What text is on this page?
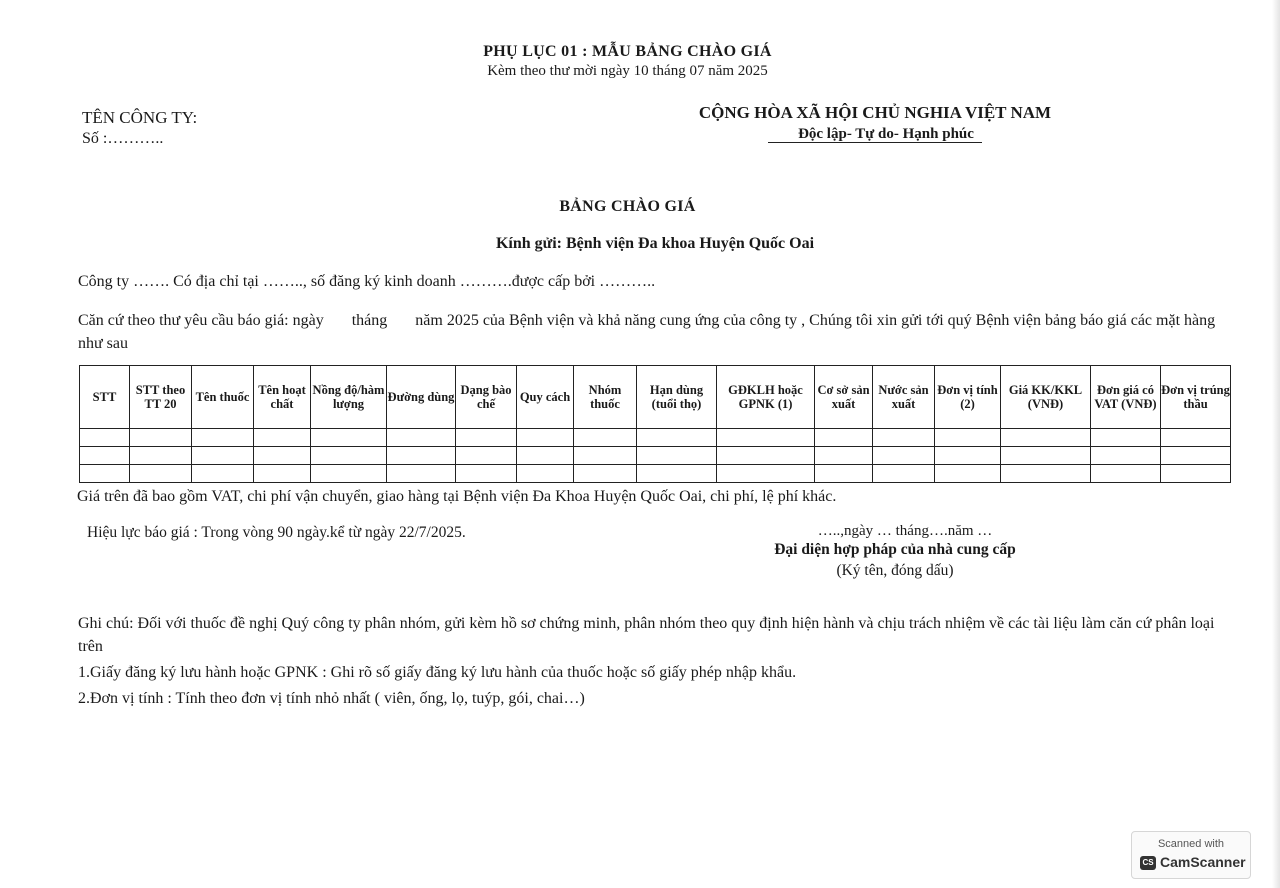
PHỤ LỤC 01 : MẪU BẢNG CHÀO GIÁ
Kèm theo thư mời ngày 10 tháng 07 năm 2025
TÊN CÔNG TY:
Số :………..
CỘNG HÒA XÃ HỘI CHỦ NGHIA VIỆT NAM
Độc lập- Tự do- Hạnh phúc
BẢNG CHÀO GIÁ
Kính gửi: Bệnh viện Đa khoa Huyện Quốc Oai
Công ty ……. Có địa chỉ tại …….., số đăng ký kinh doanh ……….được cấp bởi ………..
Căn cứ theo thư yêu cầu báo giá: ngày tháng năm 2025 của Bệnh viện và khả năng cung ứng của công ty , Chúng tôi xin gửi tới quý Bệnh viện bảng báo giá các mặt hàng như sau
STT	STT theo TT 20	Tên thuốc	Tên hoạt chất	Nồng độ/hàm lượng	Đường dùng	Dạng bào chế	Quy cách	Nhóm thuốc	Hạn dùng (tuổi thọ)	GĐKLH hoặc GPNK (1)	Cơ sở sản xuất	Nước sản xuất	Đơn vị tính (2)	Giá KK/KKL (VNĐ)	Đơn giá có VAT (VNĐ)	Đơn vị trúng thầu

Giá trên đã bao gồm VAT, chi phí vận chuyển, giao hàng tại Bệnh viện Đa Khoa Huyện Quốc Oai, chi phí, lệ phí khác.
Hiệu lực báo giá : Trong vòng 90 ngày.kể từ ngày 22/7/2025.	…..,ngày … tháng….năm …
Đại diện hợp pháp của nhà cung cấp
(Ký tên, đóng dấu)
Ghi chú: Đối với thuốc đề nghị Quý công ty phân nhóm, gửi kèm hồ sơ chứng minh, phân nhóm theo quy định hiện hành và chịu trách nhiệm về các tài liệu làm căn cứ phân loại trên
1.Giấy đăng ký lưu hành hoặc GPNK : Ghi rõ số giấy đăng ký lưu hành của thuốc hoặc số giấy phép nhập khẩu.
2.Đơn vị tính : Tính theo đơn vị tính nhỏ nhất ( viên, ống, lọ, tuýp, gói, chai…)
Scanned with
CS CamScanner
